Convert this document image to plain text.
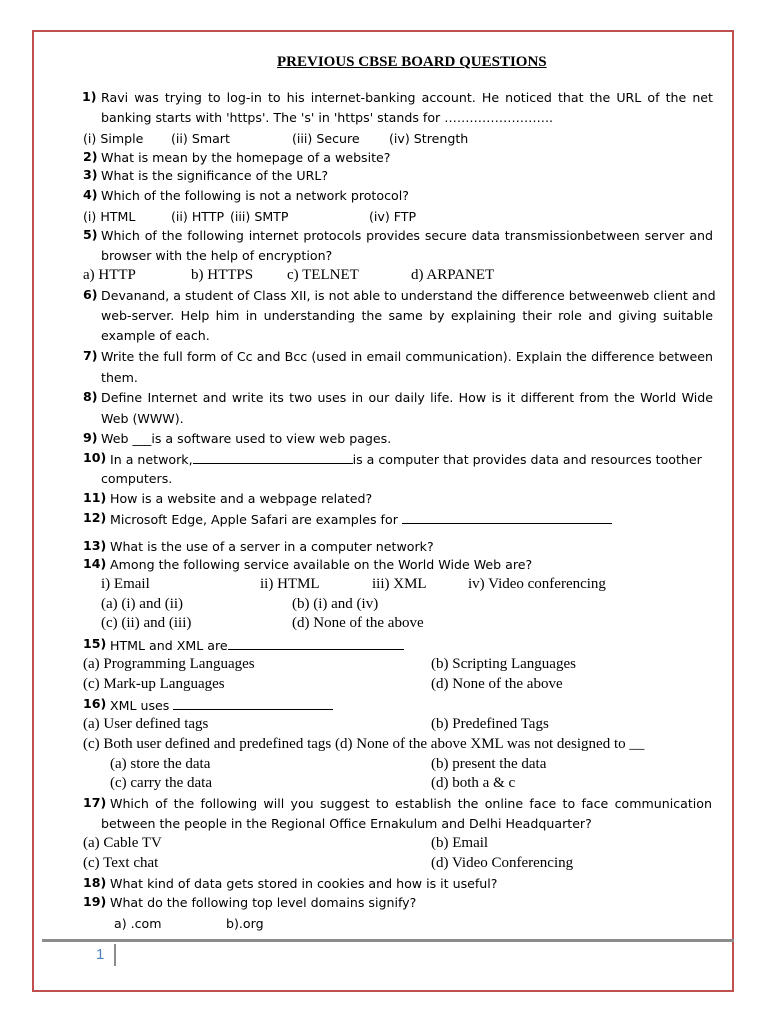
PREVIOUS CBSE BOARD QUESTIONS
1) Ravi was trying to log-in to his internet-banking account. He noticed that the URL of the net
banking starts with 'https'. The 's' in 'https' stands for ……………………..
(i) Simple (ii) Smart	(iii) Secure (iv) Strength
2) What is mean by the homepage of a website?
3) What is the significance of the URL?
4) Which of the following is not a network protocol?
(i) HTML	(ii) HTTP (iii) SMTP	(iv) FTP
5) Which of the following internet protocols provides secure data transmissionbetween server and
browser with the help of encryption?
a) HTTP	b) HTTPS c) TELNET	d) ARPANET
6) Devanand, a student of Class XII, is not able to understand the difference betweenweb client and
web-server. Help him in understanding the same by explaining their role and giving suitable
example of each.
7) Write the full form of Cc and Bcc (used in email communication). Explain the difference between
them.
8) Define Internet and write its two uses in our daily life. How is it different from the World Wide
Web (WWW).
9) Web ___is a software used to view web pages.
10) In a network,	is a computer that provides data and resources toother
computers.
11) How is a website and a webpage related?
12) Microsoft Edge, Apple Safari are examples for
13) What is the use of a server in a computer network?
14) Among the following service available on the World Wide Web are?
i) Email	ii) HTML	iii) XML	iv) Video conferencing
(a) (i) and (ii)	(b) (i) and (iv)
(c) (ii) and (iii)	(d) None of the above
15) HTML and XML are
(a) Programming Languages	(b) Scripting Languages
(c) Mark-up Languages	(d) None of the above
16) XML uses
(a) User defined tags	(b) Predefined Tags
(c) Both user defined and predefined tags (d) None of the above XML was not designed to __
(a) store the data	(b) present the data
(c) carry the data	(d) both a & c
17) Which of the following will you suggest to establish the online face to face communication
between the people in the Regional Office Ernakulum and Delhi Headquarter?
(a) Cable TV	(b) Email
(c) Text chat	(d) Video Conferencing
18) What kind of data gets stored in cookies and how is it useful?
19) What do the following top level domains signify?
a) .com	b).org
1
